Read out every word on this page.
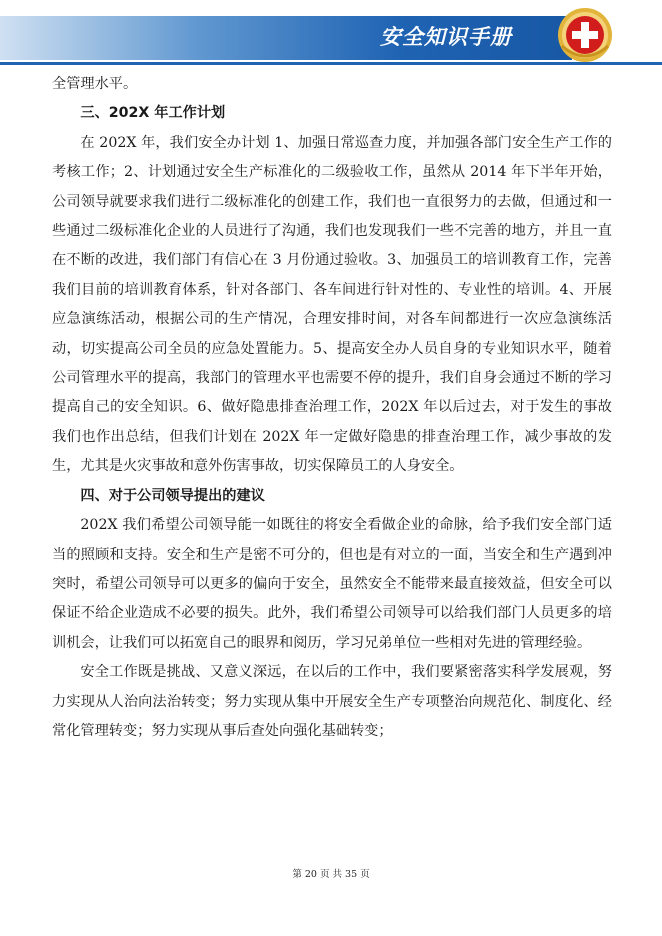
安全知识手册

全管理水平。

三、202X 年工作计划

在 202X 年，我们安全办计划 1、加强日常巡查力度，并加强各部门安全生产工作的考核工作；2、计划通过安全生产标准化的二级验收工作，虽然从 2014 年下半年开始，公司领导就要求我们进行二级标准化的创建工作，我们也一直很努力的去做，但通过和一些通过二级标准化企业的人员进行了沟通，我们也发现我们一些不完善的地方，并且一直在不断的改进，我们部门有信心在 3 月份通过验收。3、加强员工的培训教育工作，完善我们目前的培训教育体系，针对各部门、各车间进行针对性的、专业性的培训。4、开展应急演练活动，根据公司的生产情况，合理安排时间，对各车间都进行一次应急演练活动，切实提高公司全员的应急处置能力。5、提高安全办人员自身的专业知识水平，随着公司管理水平的提高，我部门的管理水平也需要不停的提升，我们自身会通过不断的学习提高自己的安全知识。6、做好隐患排查治理工作，202X 年以后过去，对于发生的事故我们也作出总结，但我们计划在 202X 年一定做好隐患的排查治理工作，减少事故的发生，尤其是火灾事故和意外伤害事故，切实保障员工的人身安全。

四、对于公司领导提出的建议

202X 我们希望公司领导能一如既往的将安全看做企业的命脉，给予我们安全部门适当的照顾和支持。安全和生产是密不可分的，但也是有对立的一面，当安全和生产遇到冲突时，希望公司领导可以更多的偏向于安全，虽然安全不能带来最直接效益，但安全可以保证不给企业造成不必要的损失。此外，我们希望公司领导可以给我们部门人员更多的培训机会，让我们可以拓宽自己的眼界和阅历，学习兄弟单位一些相对先进的管理经验。

安全工作既是挑战、又意义深远，在以后的工作中，我们要紧密落实科学发展观，努力实现从人治向法治转变；努力实现从集中开展安全生产专项整治向规范化、制度化、经常化管理转变；努力实现从事后查处向强化基础转变；

第 20 页 共 35 页
